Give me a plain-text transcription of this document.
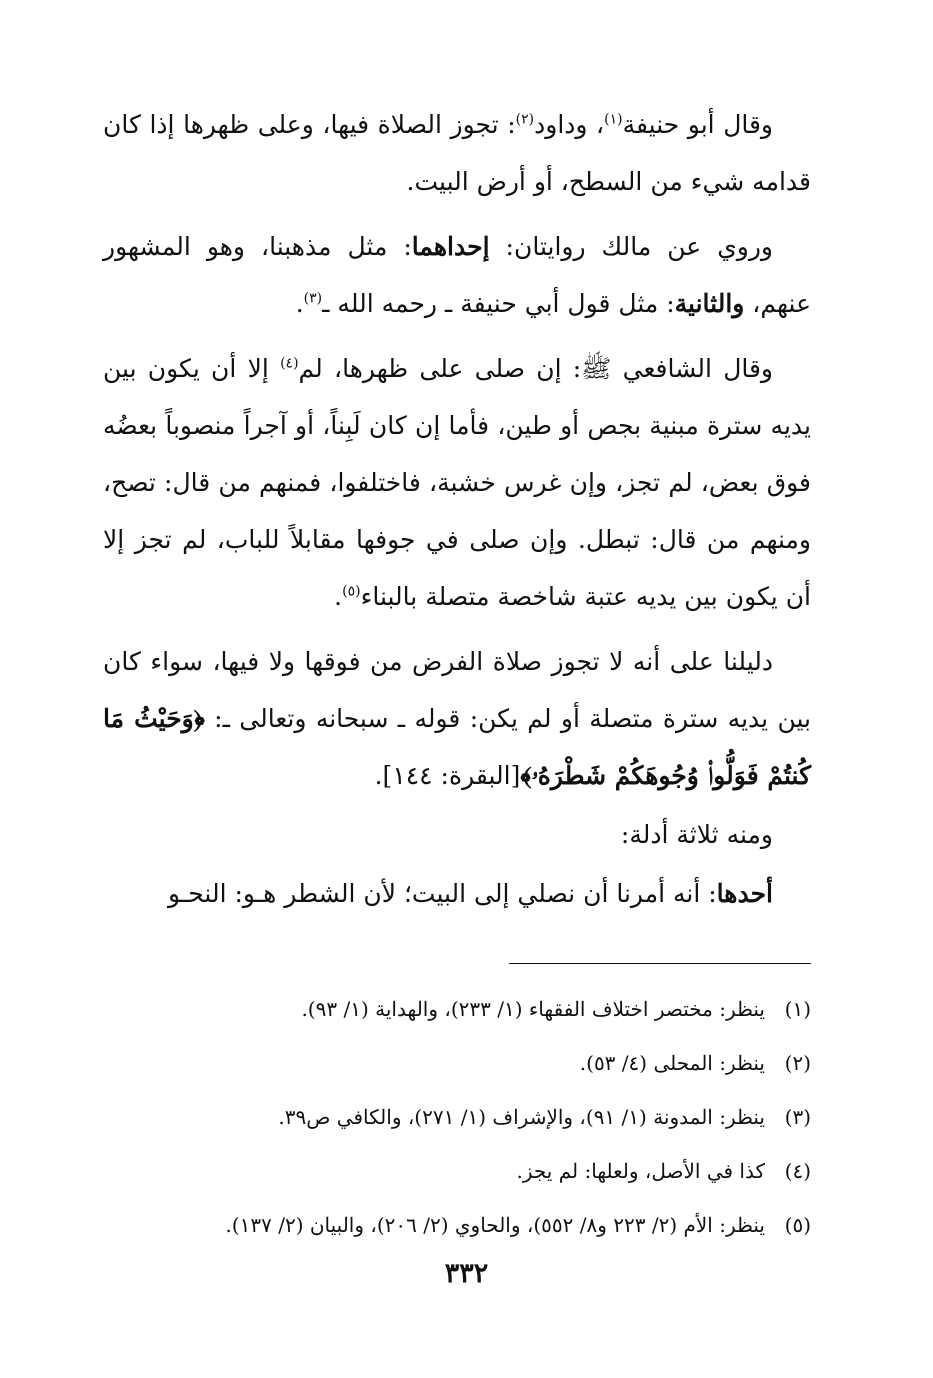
وقال أبو حنيفة$^{(١)}$، وداود$^{(٢)}$: تجوز الصلاة فيها، وعلى ظهرها إذا كان قدامه شيء من السطح، أو أرض البيت.

وروي عن مالك روايتان: إحداهما: مثل مذهبنا، وهو المشهور عنهم، والثانية: مثل قول أبي حنيفة ـ رحمه الله ـ$^{(٣)}$.

وقال الشافعي ﷺ: إن صلى على ظهرها، لم$^{(٤)}$ إلا أن يكون بين يديه سترة مبنية بجص أو طين، فأما إن كان لَبِناً، أو آجراً منصوباً بعضُه فوق بعض، لم تجز، وإن غرس خشبة، فاختلفوا، فمنهم من قال: تصح، ومنهم من قال: تبطل. وإن صلى في جوفها مقابلاً للباب، لم تجز إلا أن يكون بين يديه عتبة شاخصة متصلة بالبناء$^{(٥)}$.

دليلنا على أنه لا تجوز صلاة الفرض من فوقها ولا فيها، سواء كان بين يديه سترة متصلة أو لم يكن: قوله ـ سبحانه وتعالى ـ: ﴿وَحَيْثُ مَا كُنتُمْ فَوَلُّوا۟ وُجُوهَكُمْ شَطْرَهُۥ﴾[البقرة: ١٤٤].

ومنه ثلاثة أدلة:

أحدها: أنه أمرنا أن نصلي إلى البيت؛ لأن الشطر هـو: النحـو

(١)ينظر: مختصر اختلاف الفقهاء (١/ ٢٣٣)، والهداية (١/ ٩٣).
(٢)ينظر: المحلى (٤/ ٥٣).
(٣)ينظر: المدونة (١/ ٩١)، والإشراف (١/ ٢٧١)، والكافي ص٣٩.
(٤)كذا في الأصل، ولعلها: لم يجز.
(٥)ينظر: الأم (٢/ ٢٢٣ و٨/ ٥٥٢)، والحاوي (٢/ ٢٠٦)، والبيان (٢/ ١٣٧).
٣٣٢
